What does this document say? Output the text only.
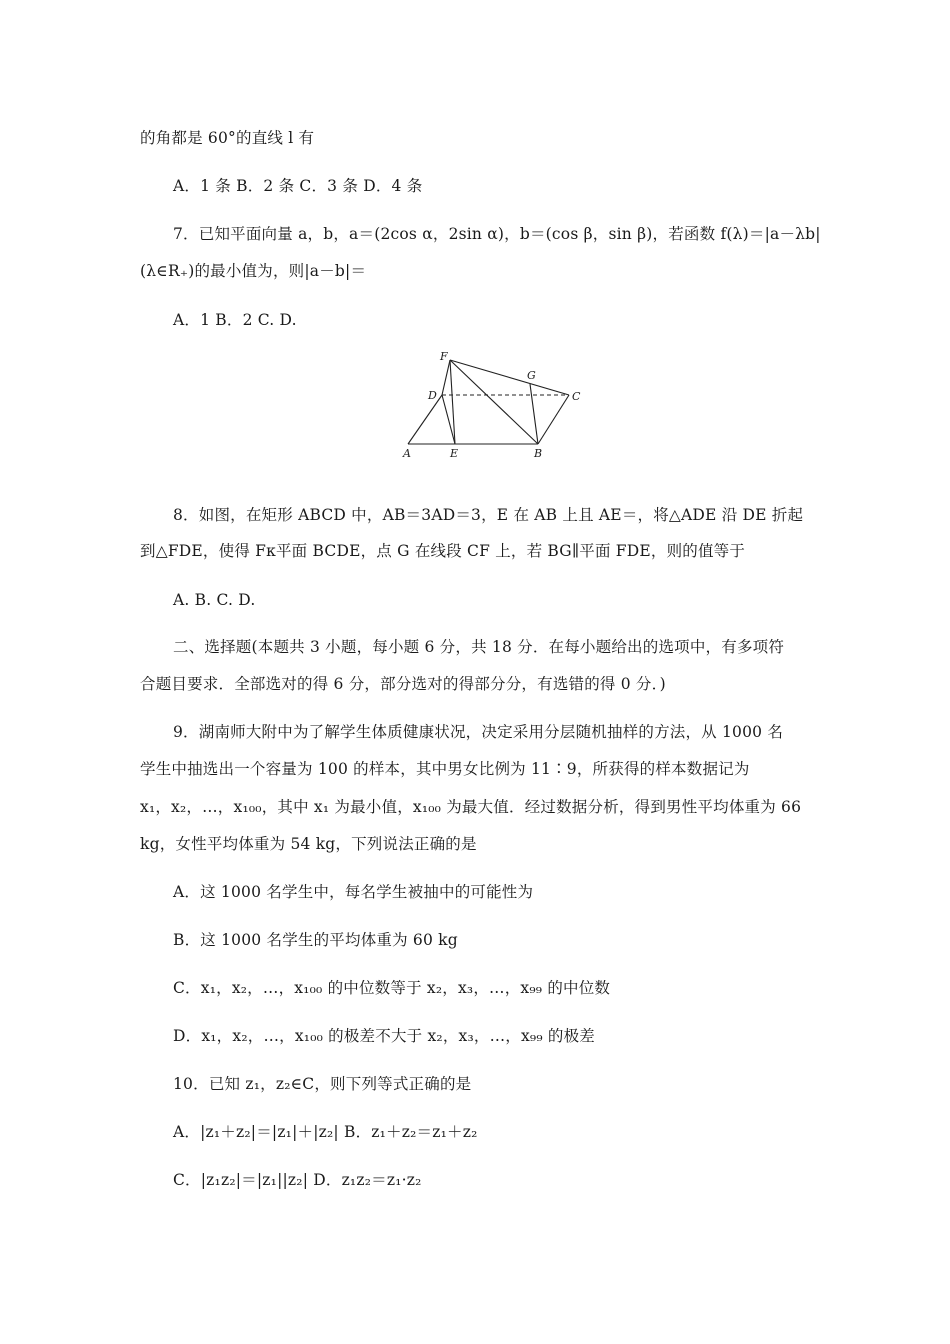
的角都是 60°的直线 l 有
A．1 条 B．2 条 C．3 条 D．4 条
7．已知平面向量 a，b，a＝(2cos α，2sin α)，b＝(cos β，sin β)，若函数 f(λ)＝|a－λb|
(λ∈R₊)的最小值为，则|a－b|＝
A．1 B．2 C. D.
F
G
D	C
A	E	B
8．如图，在矩形 ABCD 中，AB＝3AD＝3，E 在 AB 上且 AE＝，将△ADE 沿 DE 折起
到△FDE，使得 Fκ平面 BCDE，点 G 在线段 CF 上，若 BG∥平面 FDE，则的值等于
A. B. C. D.
二、选择题(本题共 3 小题，每小题 6 分，共 18 分．在每小题给出的选项中，有多项符
合题目要求．全部选对的得 6 分，部分选对的得部分分，有选错的得 0 分．)
9．湖南师大附中为了解学生体质健康状况，决定采用分层随机抽样的方法，从 1000 名
学生中抽选出一个容量为 100 的样本，其中男女比例为 11∶9，所获得的样本数据记为
x₁，x₂，…，x₁₀₀，其中 x₁ 为最小值，x₁₀₀ 为最大值．经过数据分析，得到男性平均体重为 66
kg，女性平均体重为 54 kg，下列说法正确的是
A．这 1000 名学生中，每名学生被抽中的可能性为
B．这 1000 名学生的平均体重为 60 kg
C．x₁，x₂，…，x₁₀₀ 的中位数等于 x₂，x₃，…，x₉₉ 的中位数
D．x₁，x₂，…，x₁₀₀ 的极差不大于 x₂，x₃，…，x₉₉ 的极差
10．已知 z₁，z₂∈C，则下列等式正确的是
A．|z₁＋z₂|＝|z₁|＋|z₂| B．z₁＋z₂＝z₁＋z₂
C．|z₁z₂|＝|z₁||z₂| D．z₁z₂＝z₁·z₂
